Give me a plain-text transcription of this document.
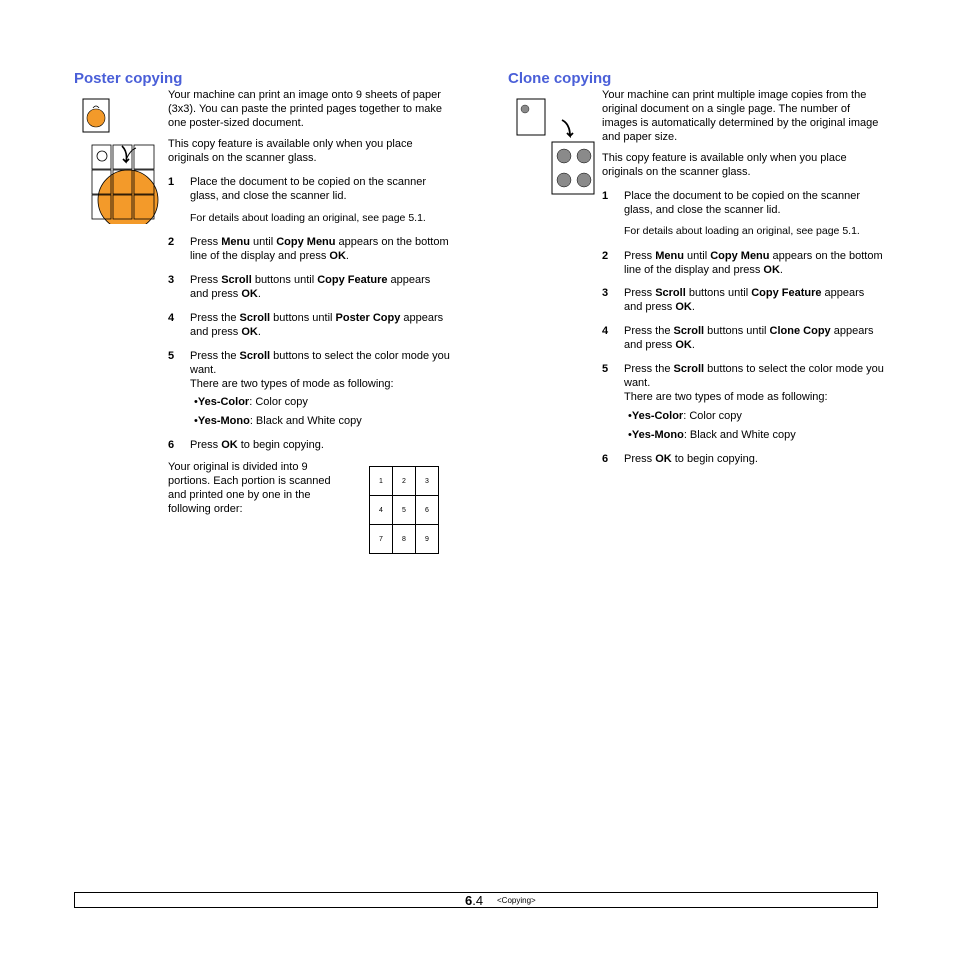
Poster copying

Your machine can print an image onto 9 sheets of paper (3x3). You can paste the printed pages together to make one poster-sized document.

This copy feature is available only when you place originals on the scanner glass.

1 Place the document to be copied on the scanner glass, and close the scanner lid.
For details about loading an original, see page 5.1.
2 Press Menu until Copy Menu appears on the bottom line of the display and press OK.
3 Press Scroll buttons until Copy Feature appears and press OK.
4 Press the Scroll buttons until Poster Copy appears and press OK.
5 Press the Scroll buttons to select the color mode you want.
There are two types of mode as following:
•Yes-Color: Color copy
•Yes-Mono: Black and White copy
6 Press OK to begin copying.
Your original is divided into 9 portions. Each portion is scanned and printed one by one in the following order:
1	2	3
4	5	6
7	8	9
Clone copying

Your machine can print multiple image copies from the original document on a single page. The number of images is automatically determined by the original image and paper size.

This copy feature is available only when you place originals on the scanner glass.

1 Place the document to be copied on the scanner glass, and close the scanner lid.
For details about loading an original, see page 5.1.
2 Press Menu until Copy Menu appears on the bottom line of the display and press OK.
3 Press Scroll buttons until Copy Feature appears and press OK.
4 Press the Scroll buttons until Clone Copy appears and press OK.
5 Press the Scroll buttons to select the color mode you want.
There are two types of mode as following:
•Yes-Color: Color copy
•Yes-Mono: Black and White copy
6 Press OK to begin copying.
6.4 <Copying>
